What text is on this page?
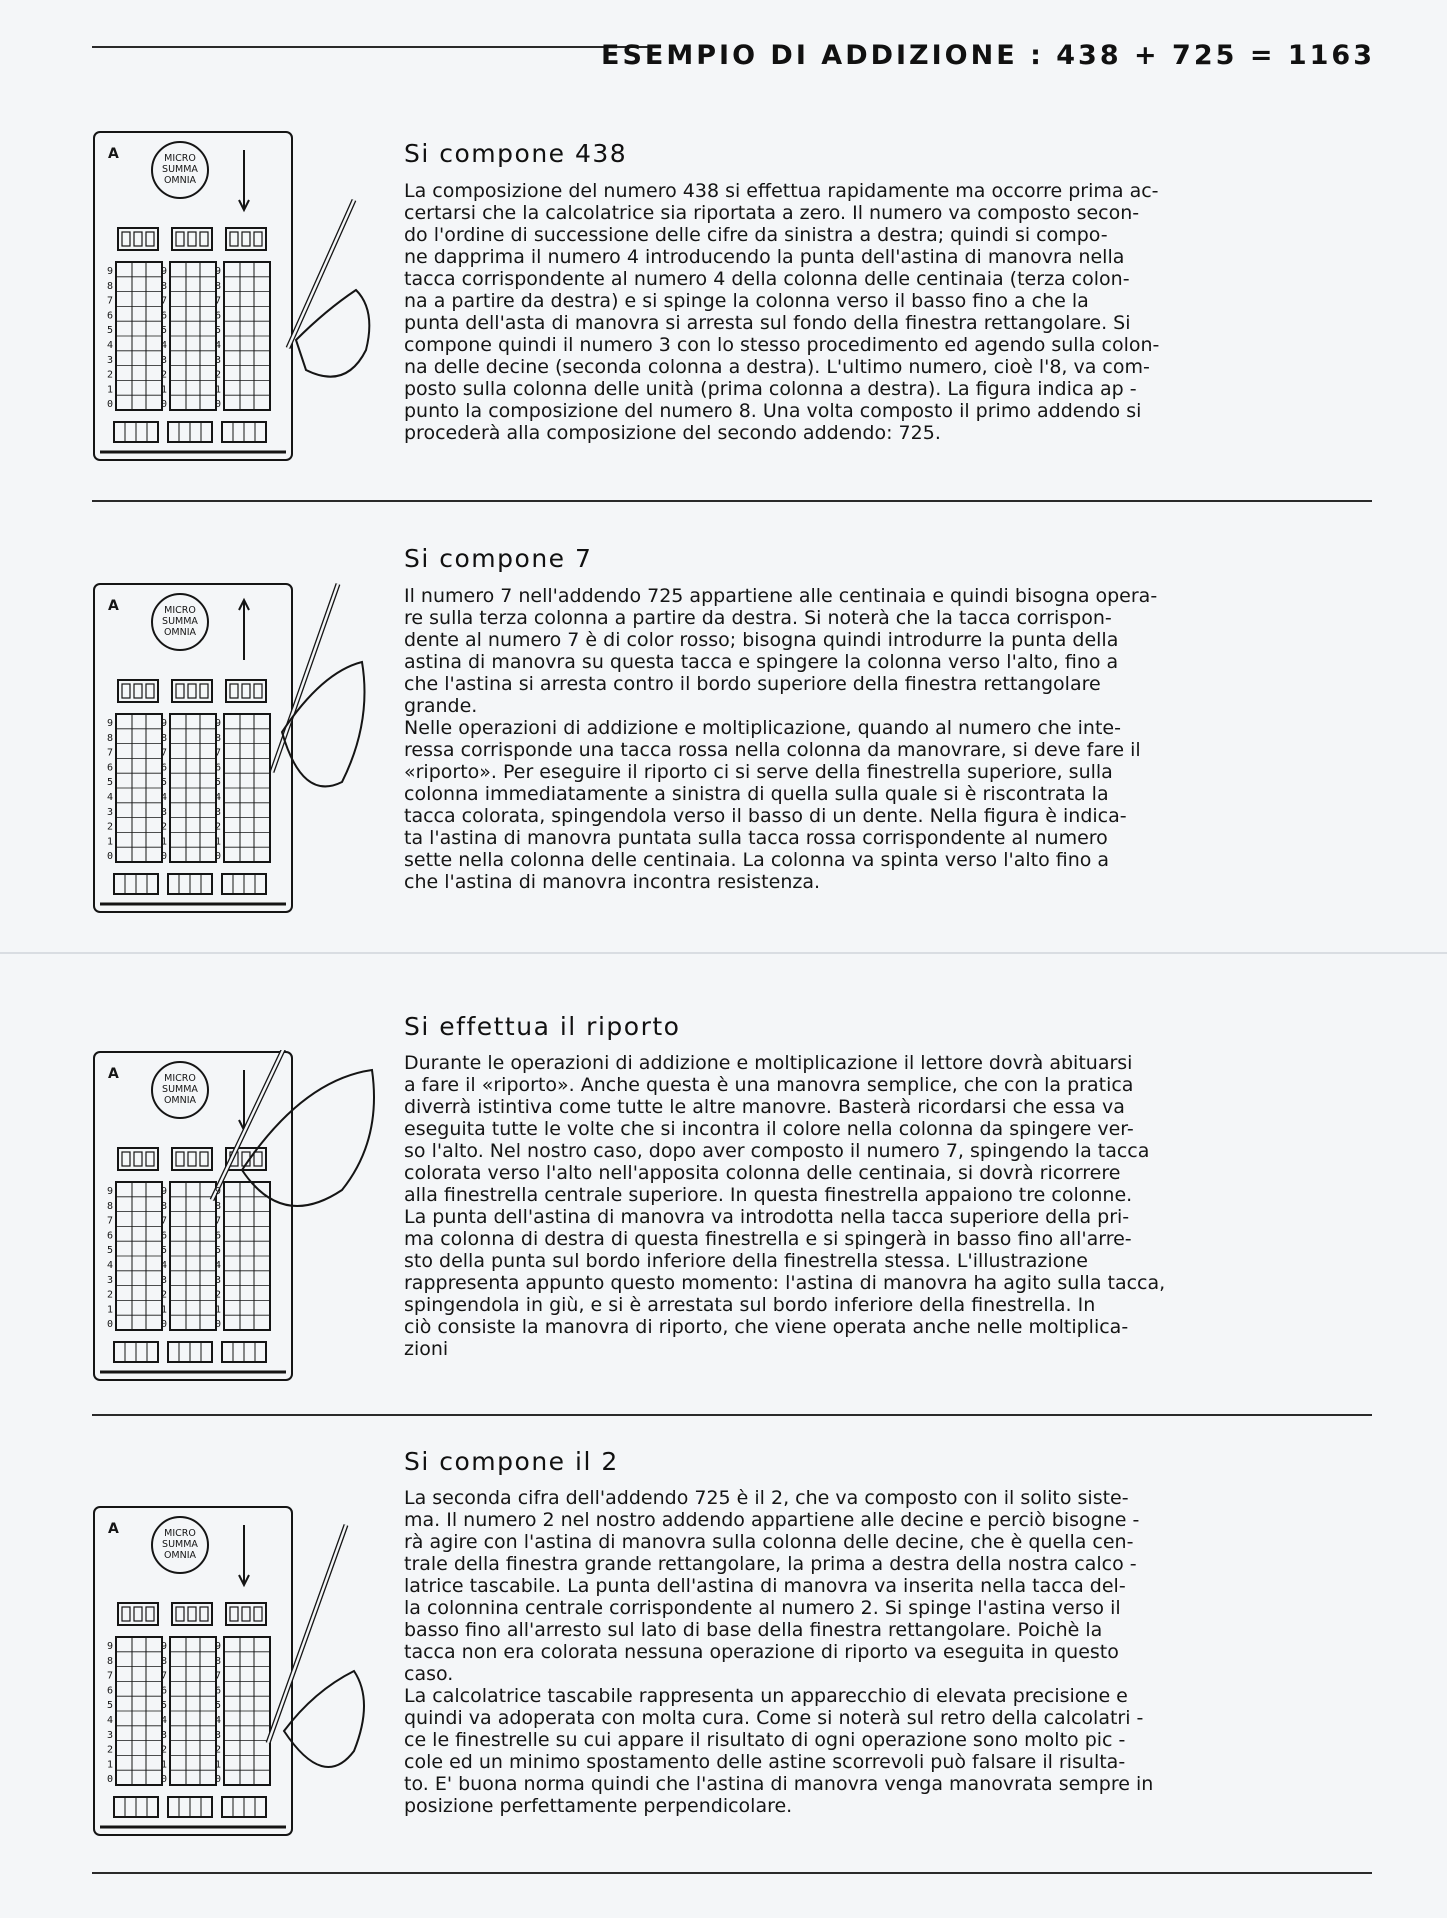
ESEMPIO DI ADDIZIONE : 438 + 725 = 1163
A	MICRO
SUMMA
OMNIA
9
8
7
6
5
4
3
2
1
0
9
8
7
6
5
4
3
2
1
0
9
8
7
6
5
4
3
2
1
0
Si compone 438
La composizione del numero 438 si effettua rapidamente ma occorre prima ac-
certarsi che la calcolatrice sia riportata a zero. Il numero va composto secon-
do l'ordine di successione delle cifre da sinistra a destra; quindi si compo-
ne dapprima il numero 4 introducendo la punta dell'astina di manovra nella
tacca corrispondente al numero 4 della colonna delle centinaia (terza colon-
na a partire da destra) e si spinge la colonna verso il basso fino a che la
punta dell'asta di manovra si arresta sul fondo della finestra rettangolare. Si
compone quindi il numero 3 con lo stesso procedimento ed agendo sulla colon-
na delle decine (seconda colonna a destra). L'ultimo numero, cioè l'8, va com-
posto sulla colonna delle unità (prima colonna a destra). La figura indica ap -
punto la composizione del numero 8. Una volta composto il primo addendo si
procederà alla composizione del secondo addendo: 725.
A	MICRO
SUMMA
OMNIA
9
8
7
6
5
4
3
2
1
0
9
8
7
6
5
4
3
2
1
0
9
8
7
6
5
4
3
2
1
0
Si compone 7
Il numero 7 nell'addendo 725 appartiene alle centinaia e quindi bisogna opera-
re sulla terza colonna a partire da destra. Si noterà che la tacca corrispon-
dente al numero 7 è di color rosso; bisogna quindi introdurre la punta della
astina di manovra su questa tacca e spingere la colonna verso l'alto, fino a
che l'astina si arresta contro il bordo superiore della finestra rettangolare
grande.
Nelle operazioni di addizione e moltiplicazione, quando al numero che inte-
ressa corrisponde una tacca rossa nella colonna da manovrare, si deve fare il
«riporto». Per eseguire il riporto ci si serve della finestrella superiore, sulla
colonna immediatamente a sinistra di quella sulla quale si è riscontrata la
tacca colorata, spingendola verso il basso di un dente. Nella figura è indica-
ta l'astina di manovra puntata sulla tacca rossa corrispondente al numero
sette nella colonna delle centinaia. La colonna va spinta verso l'alto fino a
che l'astina di manovra incontra resistenza.
A	MICRO
SUMMA
OMNIA
9
8
7
6
5
4
3
2
1
0
9
8
7
6
5
4
3
2
1
0
9
8
7
6
5
4
3
2
1
0
Si effettua il riporto
Durante le operazioni di addizione e moltiplicazione il lettore dovrà abituarsi
a fare il «riporto». Anche questa è una manovra semplice, che con la pratica
diverrà istintiva come tutte le altre manovre. Basterà ricordarsi che essa va
eseguita tutte le volte che si incontra il colore nella colonna da spingere ver-
so l'alto. Nel nostro caso, dopo aver composto il numero 7, spingendo la tacca
colorata verso l'alto nell'apposita colonna delle centinaia, si dovrà ricorrere
alla finestrella centrale superiore. In questa finestrella appaiono tre colonne.
La punta dell'astina di manovra va introdotta nella tacca superiore della pri-
ma colonna di destra di questa finestrella e si spingerà in basso fino all'arre-
sto della punta sul bordo inferiore della finestrella stessa. L'illustrazione
rappresenta appunto questo momento: l'astina di manovra ha agito sulla tacca,
spingendola in giù, e si è arrestata sul bordo inferiore della finestrella. In
ciò consiste la manovra di riporto, che viene operata anche nelle moltiplica-
zioni
A	MICRO
SUMMA
OMNIA
9
8
7
6
5
4
3
2
1
0
9
8
7
6
5
4
3
2
1
0
9
8
7
6
5
4
3
2
1
0
Si compone il 2
La seconda cifra dell'addendo 725 è il 2, che va composto con il solito siste-
ma. Il numero 2 nel nostro addendo appartiene alle decine e perciò bisogne -
rà agire con l'astina di manovra sulla colonna delle decine, che è quella cen-
trale della finestra grande rettangolare, la prima a destra della nostra calco -
latrice tascabile. La punta dell'astina di manovra va inserita nella tacca del-
la colonnina centrale corrispondente al numero 2. Si spinge l'astina verso il
basso fino all'arresto sul lato di base della finestra rettangolare. Poichè la
tacca non era colorata nessuna operazione di riporto va eseguita in questo
caso.
La calcolatrice tascabile rappresenta un apparecchio di elevata precisione e
quindi va adoperata con molta cura. Come si noterà sul retro della calcolatri -
ce le finestrelle su cui appare il risultato di ogni operazione sono molto pic -
cole ed un minimo spostamento delle astine scorrevoli può falsare il risulta-
to. E' buona norma quindi che l'astina di manovra venga manovrata sempre in
posizione perfettamente perpendicolare.
